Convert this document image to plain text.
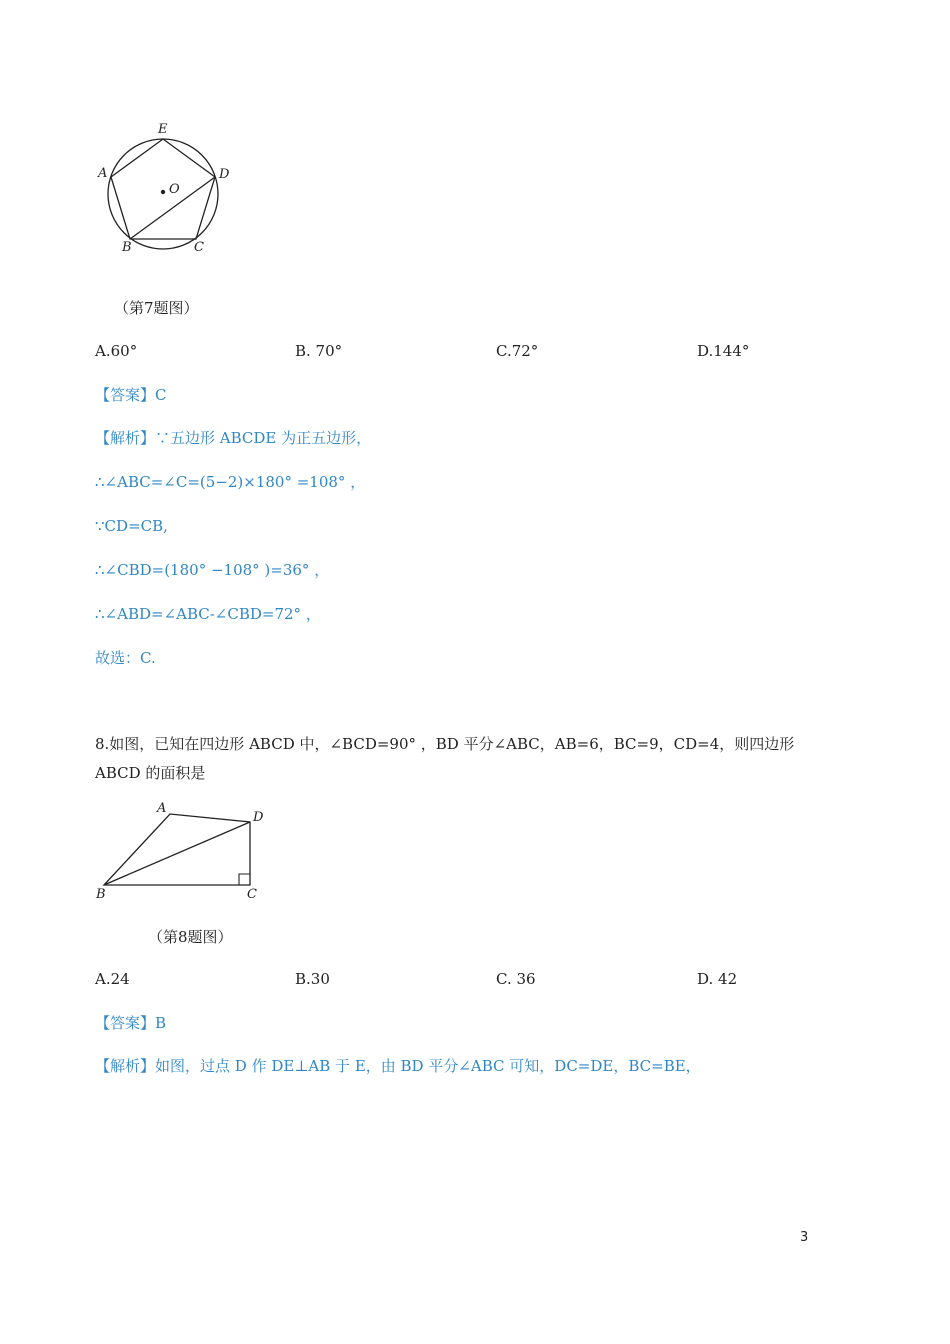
E
A	D
O
B	C
（第7题图）
A.60°	B. 70°	C.72°	D.144°
【答案】C
【解析】∵五边形 ABCDE 为正五边形，
∴∠ABC=∠C=(5−2)×180° =108° ，
∵CD=CB,
∴∠CBD=(180° −108° )=36° ，
∴∠ABD=∠ABC-∠CBD=72° ，
故选：C.
8.如图，已知在四边形 ABCD 中，∠BCD=90° ，BD 平分∠ABC，AB=6，BC=9，CD=4，则四边形
ABCD 的面积是
A
D
B	C
（第8题图）
A.24	B.30	C. 36	D. 42
【答案】B
【解析】如图，过点 D 作 DE⊥AB 于 E，由 BD 平分∠ABC 可知，DC=DE，BC=BE，
3
